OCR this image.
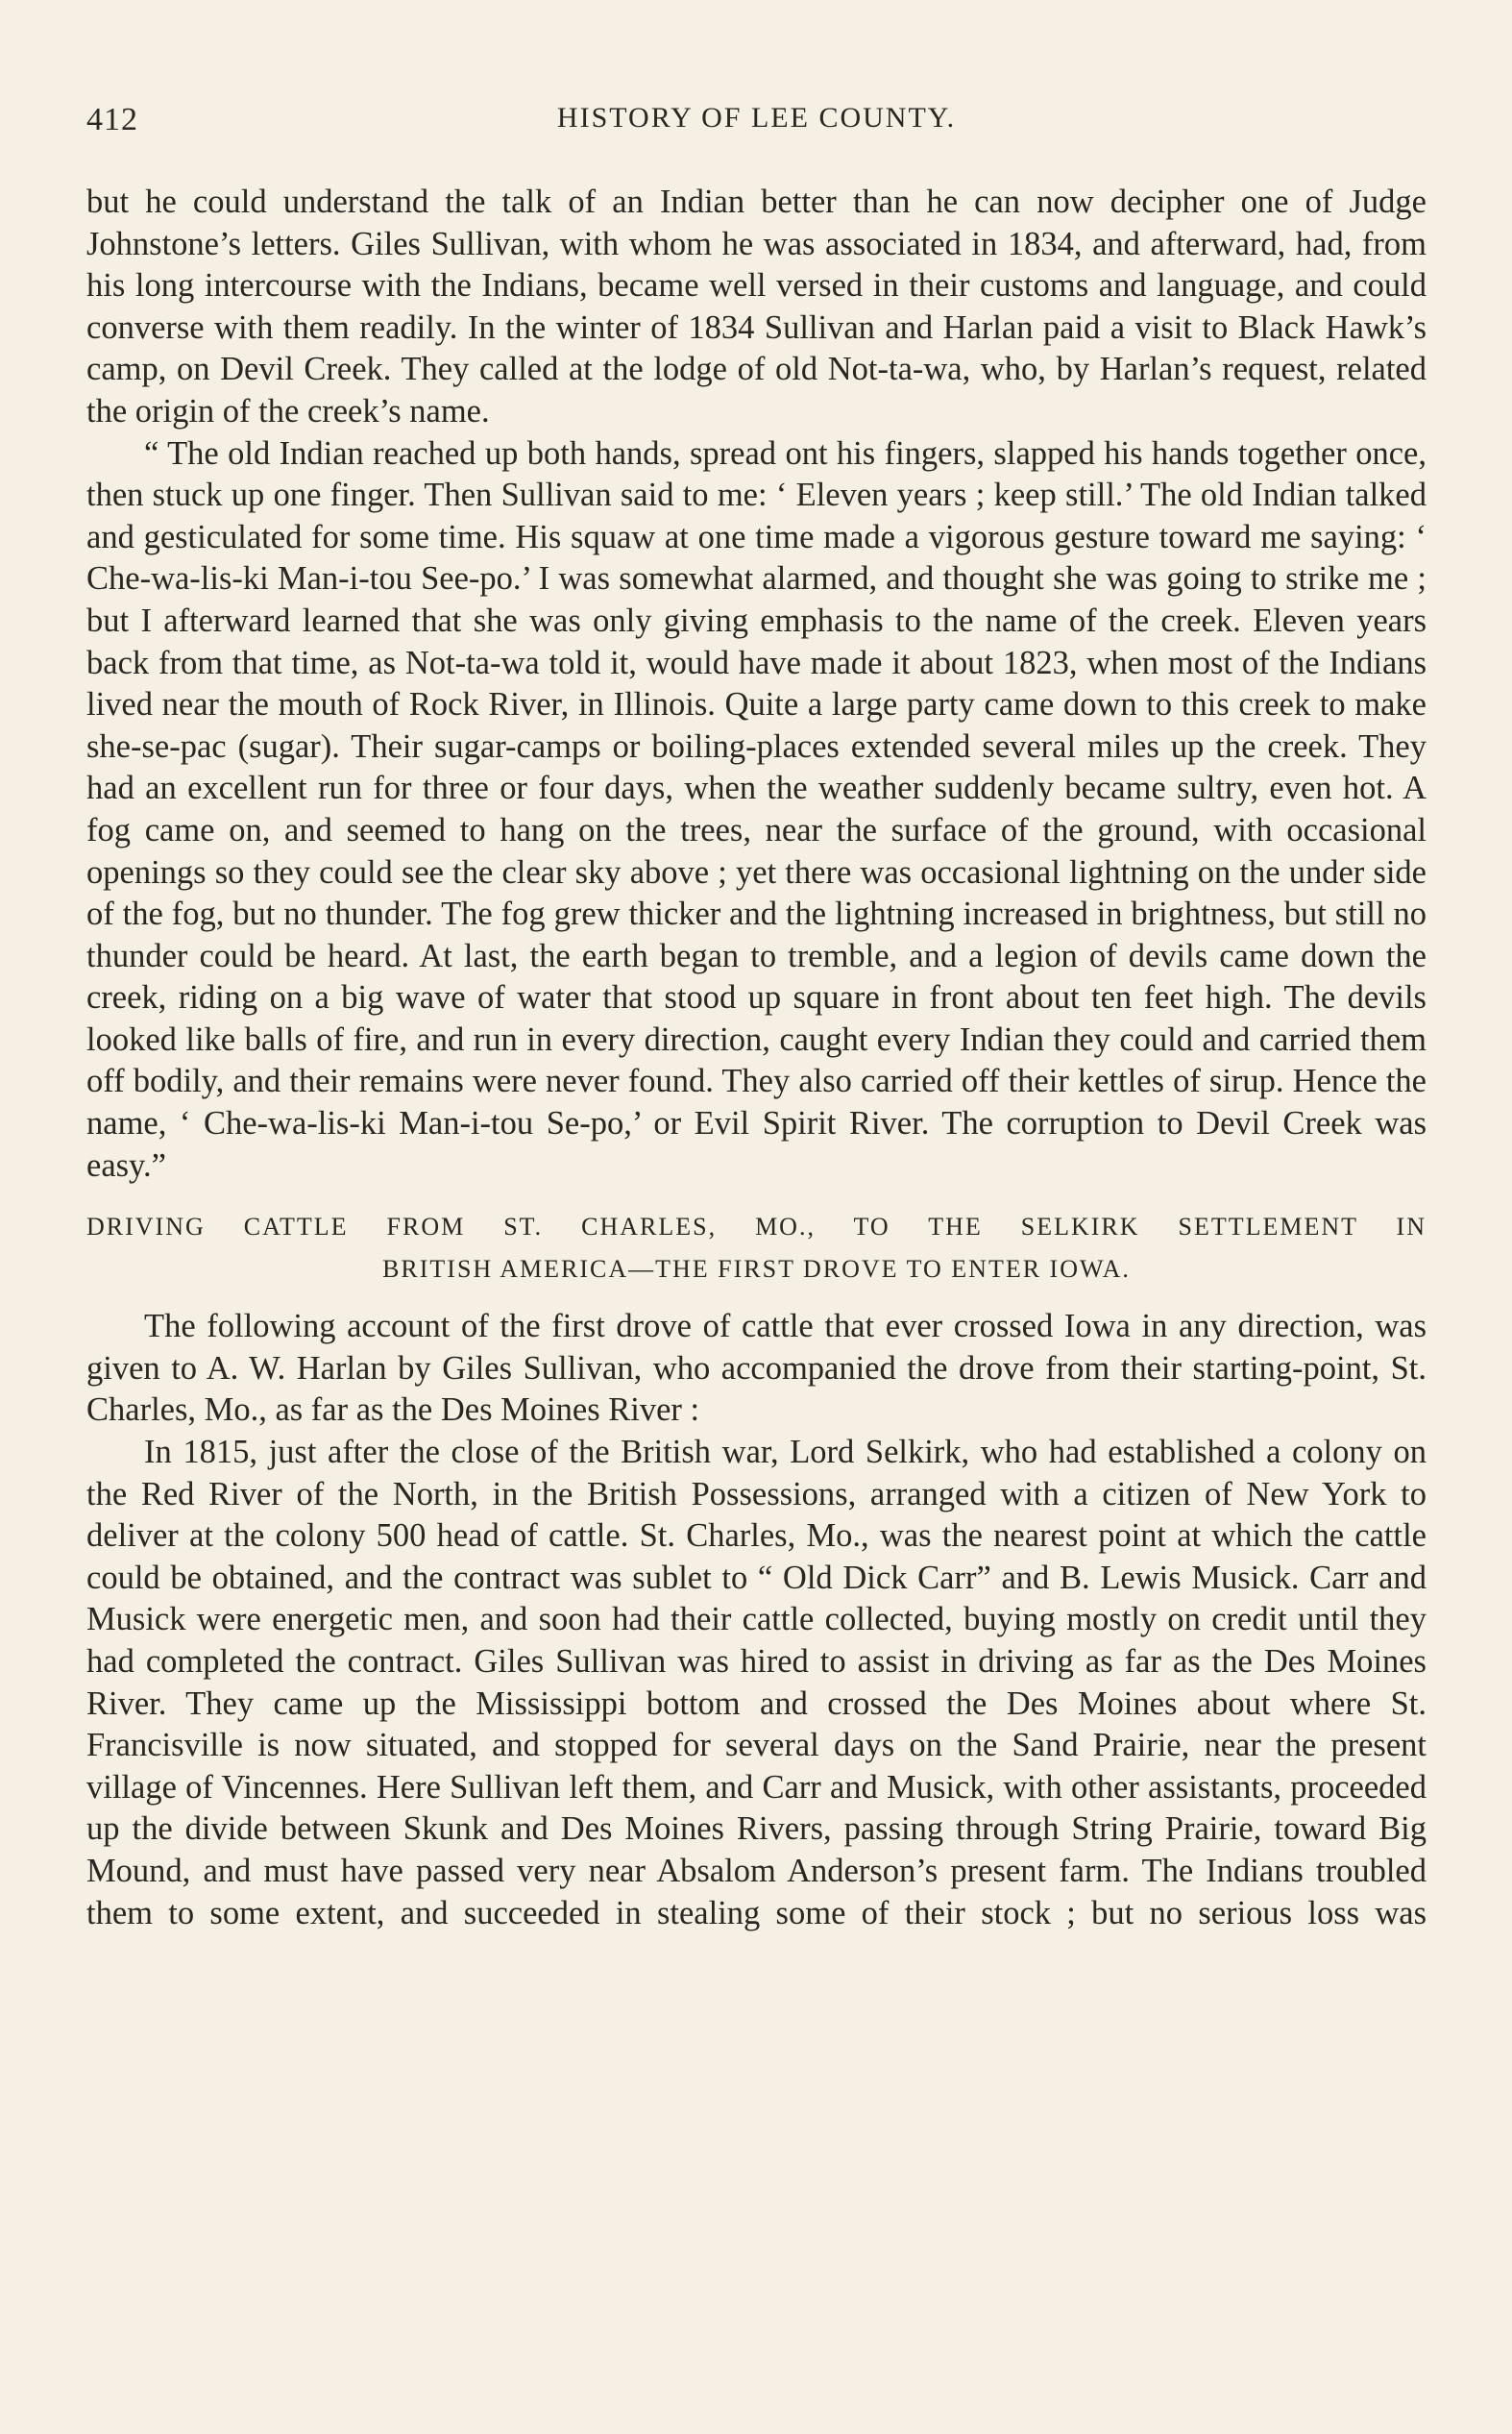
412	HISTORY OF LEE COUNTY.

but he could understand the talk of an Indian better than he can now decipher one of Judge Johnstone’s letters. Giles Sullivan, with whom he was associated in 1834, and afterward, had, from his long intercourse with the Indians, became well versed in their customs and language, and could converse with them readily. In the winter of 1834 Sullivan and Harlan paid a visit to Black Hawk’s camp, on Devil Creek. They called at the lodge of old Not-ta-wa, who, by Harlan’s request, related the origin of the creek’s name.

“ The old Indian reached up both hands, spread ont his fingers, slapped his hands together once, then stuck up one finger. Then Sullivan said to me: ‘ Eleven years ; keep still.’ The old Indian talked and gesticulated for some time. His squaw at one time made a vigorous gesture toward me saying: ‘ Che-wa-lis-ki Man-i-tou See-po.’ I was somewhat alarmed, and thought she was going to strike me ; but I afterward learned that she was only giving emphasis to the name of the creek. Eleven years back from that time, as Not-ta-wa told it, would have made it about 1823, when most of the Indians lived near the mouth of Rock River, in Illinois. Quite a large party came down to this creek to make she-se-pac (sugar). Their sugar-camps or boiling-places extended several miles up the creek. They had an excellent run for three or four days, when the weather suddenly became sultry, even hot. A fog came on, and seemed to hang on the trees, near the surface of the ground, with occasional openings so they could see the clear sky above ; yet there was occasional lightning on the under side of the fog, but no thunder. The fog grew thicker and the lightning increased in brightness, but still no thunder could be heard. At last, the earth began to tremble, and a legion of devils came down the creek, riding on a big wave of water that stood up square in front about ten feet high. The devils looked like balls of fire, and run in every direction, caught every Indian they could and carried them off bodily, and their remains were never found. They also carried off their kettles of sirup. Hence the name, ‘ Che-wa-lis-ki Man-i-tou Se-po,’ or Evil Spirit River. The corruption to Devil Creek was easy.”

DRIVING CATTLE FROM ST. CHARLES, MO., TO THE SELKIRK SETTLEMENT IN
BRITISH AMERICA—THE FIRST DROVE TO ENTER IOWA.

The following account of the first drove of cattle that ever crossed Iowa in any direction, was given to A. W. Harlan by Giles Sullivan, who accompanied the drove from their starting-point, St. Charles, Mo., as far as the Des Moines River :

In 1815, just after the close of the British war, Lord Selkirk, who had established a colony on the Red River of the North, in the British Possessions, arranged with a citizen of New York to deliver at the colony 500 head of cattle. St. Charles, Mo., was the nearest point at which the cattle could be obtained, and the contract was sublet to “ Old Dick Carr” and B. Lewis Musick. Carr and Musick were energetic men, and soon had their cattle collected, buying mostly on credit until they had completed the contract. Giles Sullivan was hired to assist in driving as far as the Des Moines River. They came up the Mississippi bottom and crossed the Des Moines about where St. Francisville is now situated, and stopped for several days on the Sand Prairie, near the present village of Vincennes. Here Sullivan left them, and Carr and Musick, with other assistants, proceeded up the divide between Skunk and Des Moines Rivers, passing through String Prairie, toward Big Mound, and must have passed very near Absalom Anderson’s present farm. The Indians troubled them to some extent, and succeeded in stealing some of their stock ; but no serious loss was
